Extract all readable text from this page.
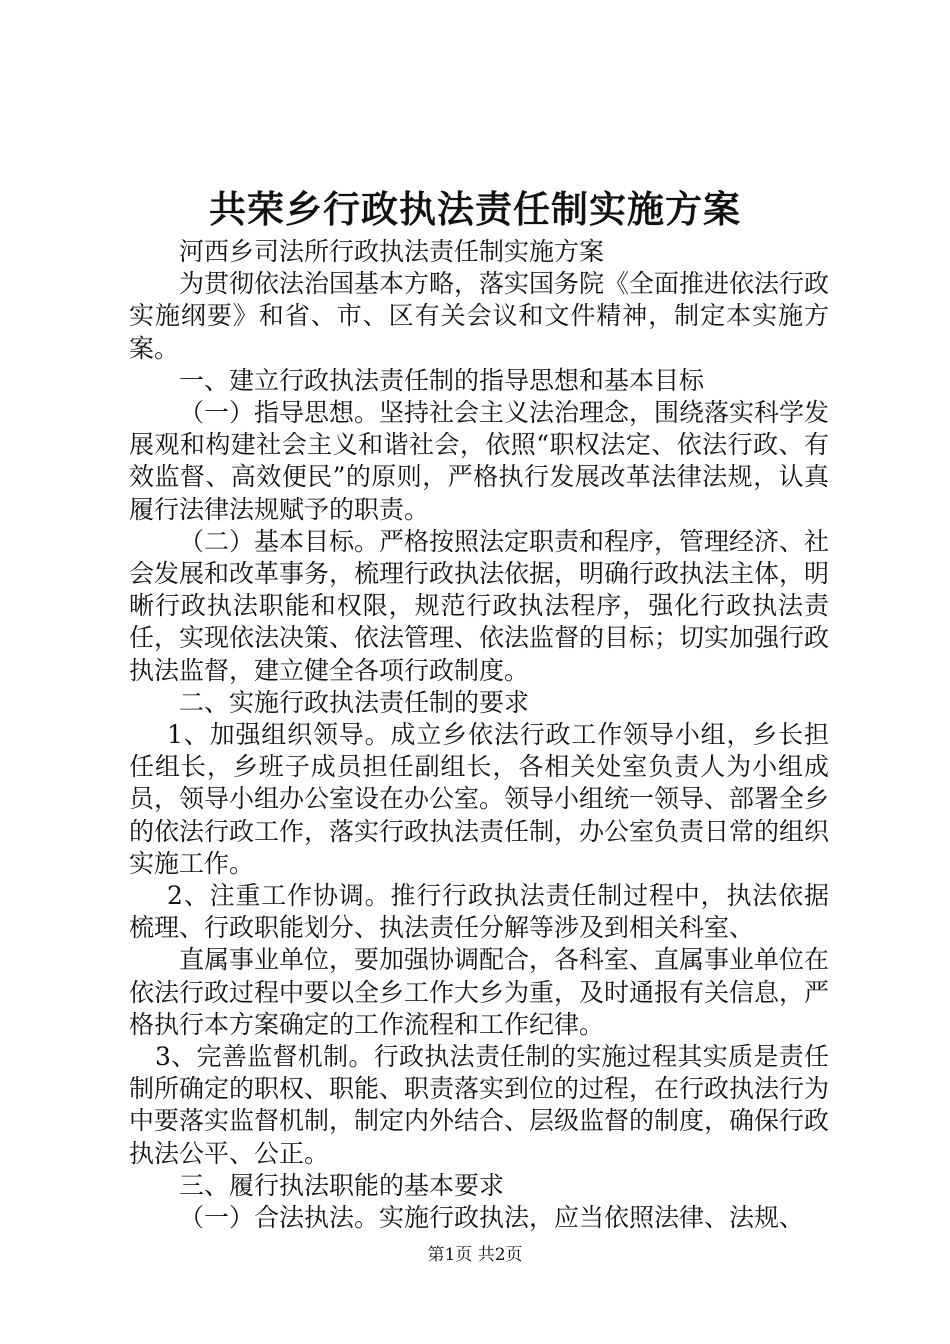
共荣乡行政执法责任制实施方案

河西乡司法所行政执法责任制实施方案

为贯彻依法治国基本方略，落实国务院《全面推进依法行政实施纲要》和省、市、区有关会议和文件精神，制定本实施方案。

一、建立行政执法责任制的指导思想和基本目标

（一）指导思想。坚持社会主义法治理念，围绕落实科学发展观和构建社会主义和谐社会，依照“职权法定、依法行政、有效监督、高效便民”的原则，严格执行发展改革法律法规，认真履行法律法规赋予的职责。

（二）基本目标。严格按照法定职责和程序，管理经济、社会发展和改革事务，梳理行政执法依据，明确行政执法主体，明晰行政执法职能和权限，规范行政执法程序，强化行政执法责任，实现依法决策、依法管理、依法监督的目标；切实加强行政执法监督，建立健全各项行政制度。

二、实施行政执法责任制的要求

1、加强组织领导。成立乡依法行政工作领导小组，乡长担任组长，乡班子成员担任副组长，各相关处室负责人为小组成员，领导小组办公室设在办公室。领导小组统一领导、部署全乡的依法行政工作，落实行政执法责任制，办公室负责日常的组织实施工作。

2、注重工作协调。推行行政执法责任制过程中，执法依据梳理、行政职能划分、执法责任分解等涉及到相关科室、

直属事业单位，要加强协调配合，各科室、直属事业单位在依法行政过程中要以全乡工作大乡为重，及时通报有关信息，严格执行本方案确定的工作流程和工作纪律。

3、完善监督机制。行政执法责任制的实施过程其实质是责任制所确定的职权、职能、职责落实到位的过程，在行政执法行为中要落实监督机制，制定内外结合、层级监督的制度，确保行政执法公平、公正。

三、履行执法职能的基本要求

（一）合法执法。实施行政执法，应当依照法律、法规、

第1页 共2页
